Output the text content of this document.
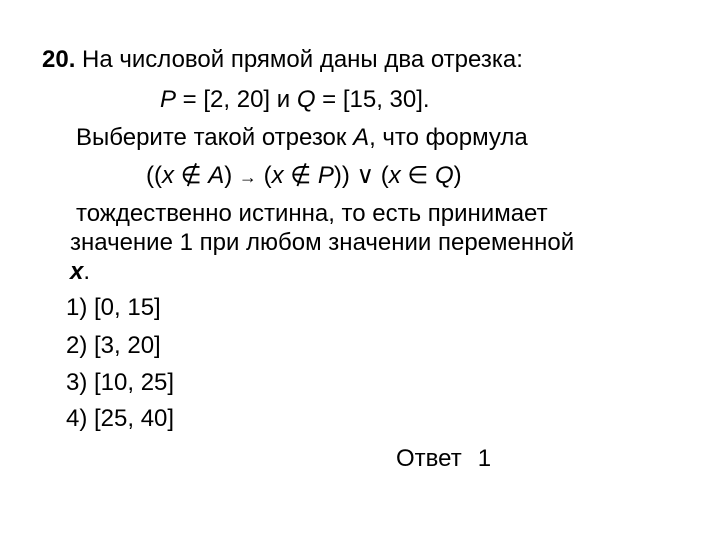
20. На числовой прямой даны два отрезка:
P = [2, 20] и Q = [15, 30].
Выберите такой отрезок A, что формула
((x ∉ A) → (x ∉ P)) ∨ (x ∈ Q)
тождественно истинна, то есть принимает
значение 1 при любом значении переменной
x.
1) [0, 15]
2) [3, 20]
3) [10, 25]
4) [25, 40]
Ответ 1
